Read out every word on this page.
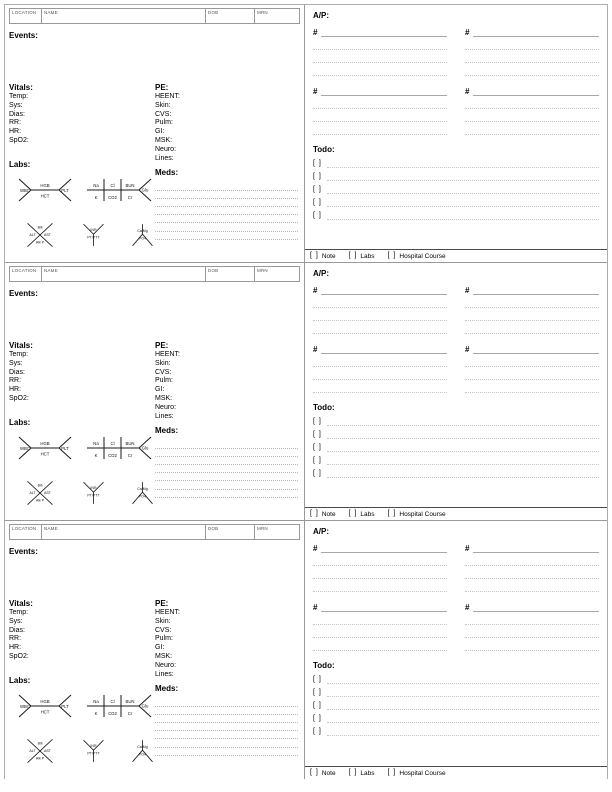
LOCATION	NAME	DOB	MRN
Events:
Vitals:
Temp:
Sys:
Dias:
RR:
HR:
SpO2:
Labs:
WBC
HGB
HCT
PLT
Na	Cl	BUN
K CO2	Cr
Glu
Bili
ALT AST
Alk P
INR
PT/PTT
Ca/Mg
PO4
PE:
HEENT:
Skin:
CVS:
Pulm:
GI:
MSK:
Neuro:
Lines:
Meds:
A/P:
#	#
#	#
Todo:
[ ]
[ ]
[ ]
[ ]
[ ]
[ ] Note [ ] Labs [ ] Hospital Course
LOCATION	NAME	DOB	MRN
Events:
Vitals:
Temp:
Sys:
Dias:
RR:
HR:
SpO2:
Labs:
WBC
HGB
HCT
PLT
Na	Cl	BUN
K CO2	Cr
Glu
Bili
ALT AST
Alk P
INR
PT/PTT
Ca/Mg
PO4
PE:
HEENT:
Skin:
CVS:
Pulm:
GI:
MSK:
Neuro:
Lines:
Meds:
A/P:
#	#
#	#
Todo:
[ ]
[ ]
[ ]
[ ]
[ ]
[ ] Note [ ] Labs [ ] Hospital Course
LOCATION	NAME	DOB	MRN
Events:
Vitals:
Temp:
Sys:
Dias:
RR:
HR:
SpO2:
Labs:
WBC
HGB
HCT
PLT
Na	Cl	BUN
K CO2	Cr
Glu
Bili
ALT AST
Alk P
INR
PT/PTT
Ca/Mg
PO4
PE:
HEENT:
Skin:
CVS:
Pulm:
GI:
MSK:
Neuro:
Lines:
Meds:
A/P:
#	#
#	#
Todo:
[ ]
[ ]
[ ]
[ ]
[ ]
[ ] Note [ ] Labs [ ] Hospital Course
